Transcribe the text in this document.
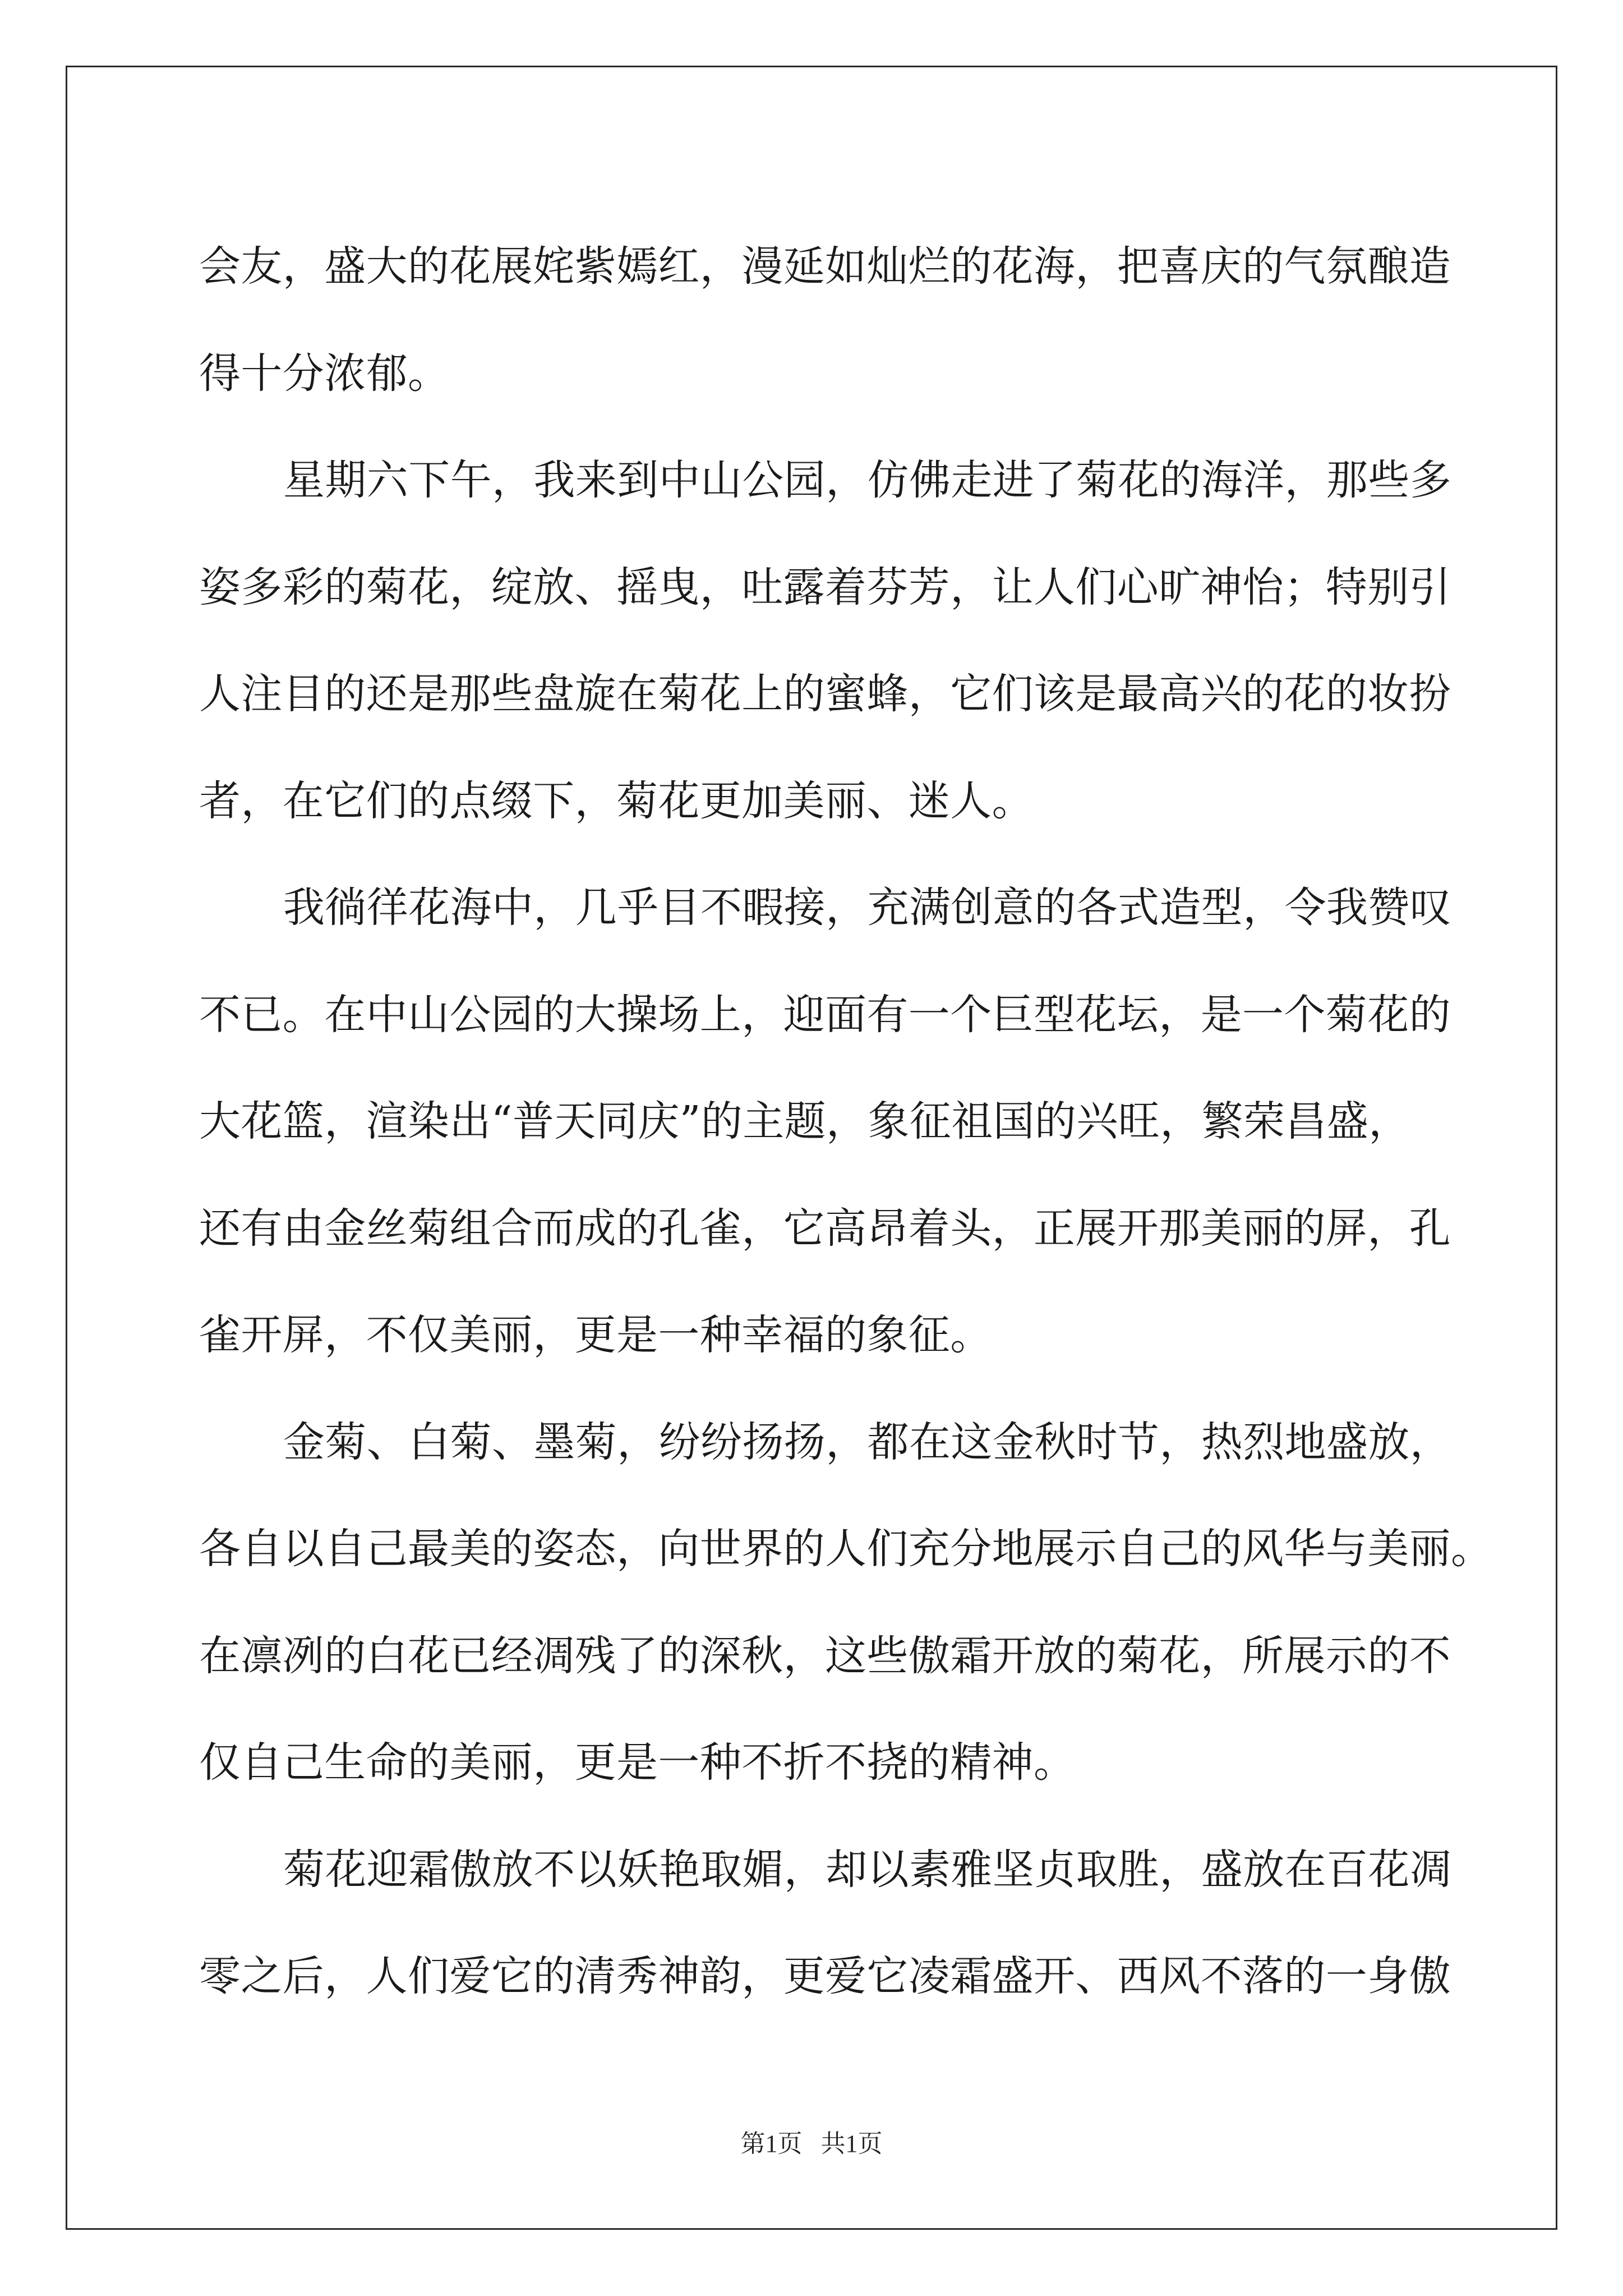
会友，盛大的花展姹紫嫣红，漫延如灿烂的花海，把喜庆的气氛酿造
得十分浓郁。
星期六下午，我来到中山公园，仿佛走进了菊花的海洋，那些多
姿多彩的菊花，绽放、摇曳，吐露着芬芳，让人们心旷神怡；特别引
人注目的还是那些盘旋在菊花上的蜜蜂，它们该是最高兴的花的妆扮
者，在它们的点缀下，菊花更加美丽、迷人。
我徜徉花海中，几乎目不暇接，充满创意的各式造型，令我赞叹
不已。在中山公园的大操场上，迎面有一个巨型花坛，是一个菊花的
大花篮，渲染出“普天同庆”的主题，象征祖国的兴旺，繁荣昌盛，
还有由金丝菊组合而成的孔雀，它高昂着头，正展开那美丽的屏，孔
雀开屏，不仅美丽，更是一种幸福的象征。
金菊、白菊、墨菊，纷纷扬扬，都在这金秋时节，热烈地盛放，
各自以自己最美的姿态，向世界的人们充分地展示自己的风华与美丽。
在凛冽的白花已经凋残了的深秋，这些傲霜开放的菊花，所展示的不
仅自己生命的美丽，更是一种不折不挠的精神。
菊花迎霜傲放不以妖艳取媚，却以素雅坚贞取胜，盛放在百花凋
零之后，人们爱它的清秀神韵，更爱它凌霜盛开、西风不落的一身傲
第1页 共1页
